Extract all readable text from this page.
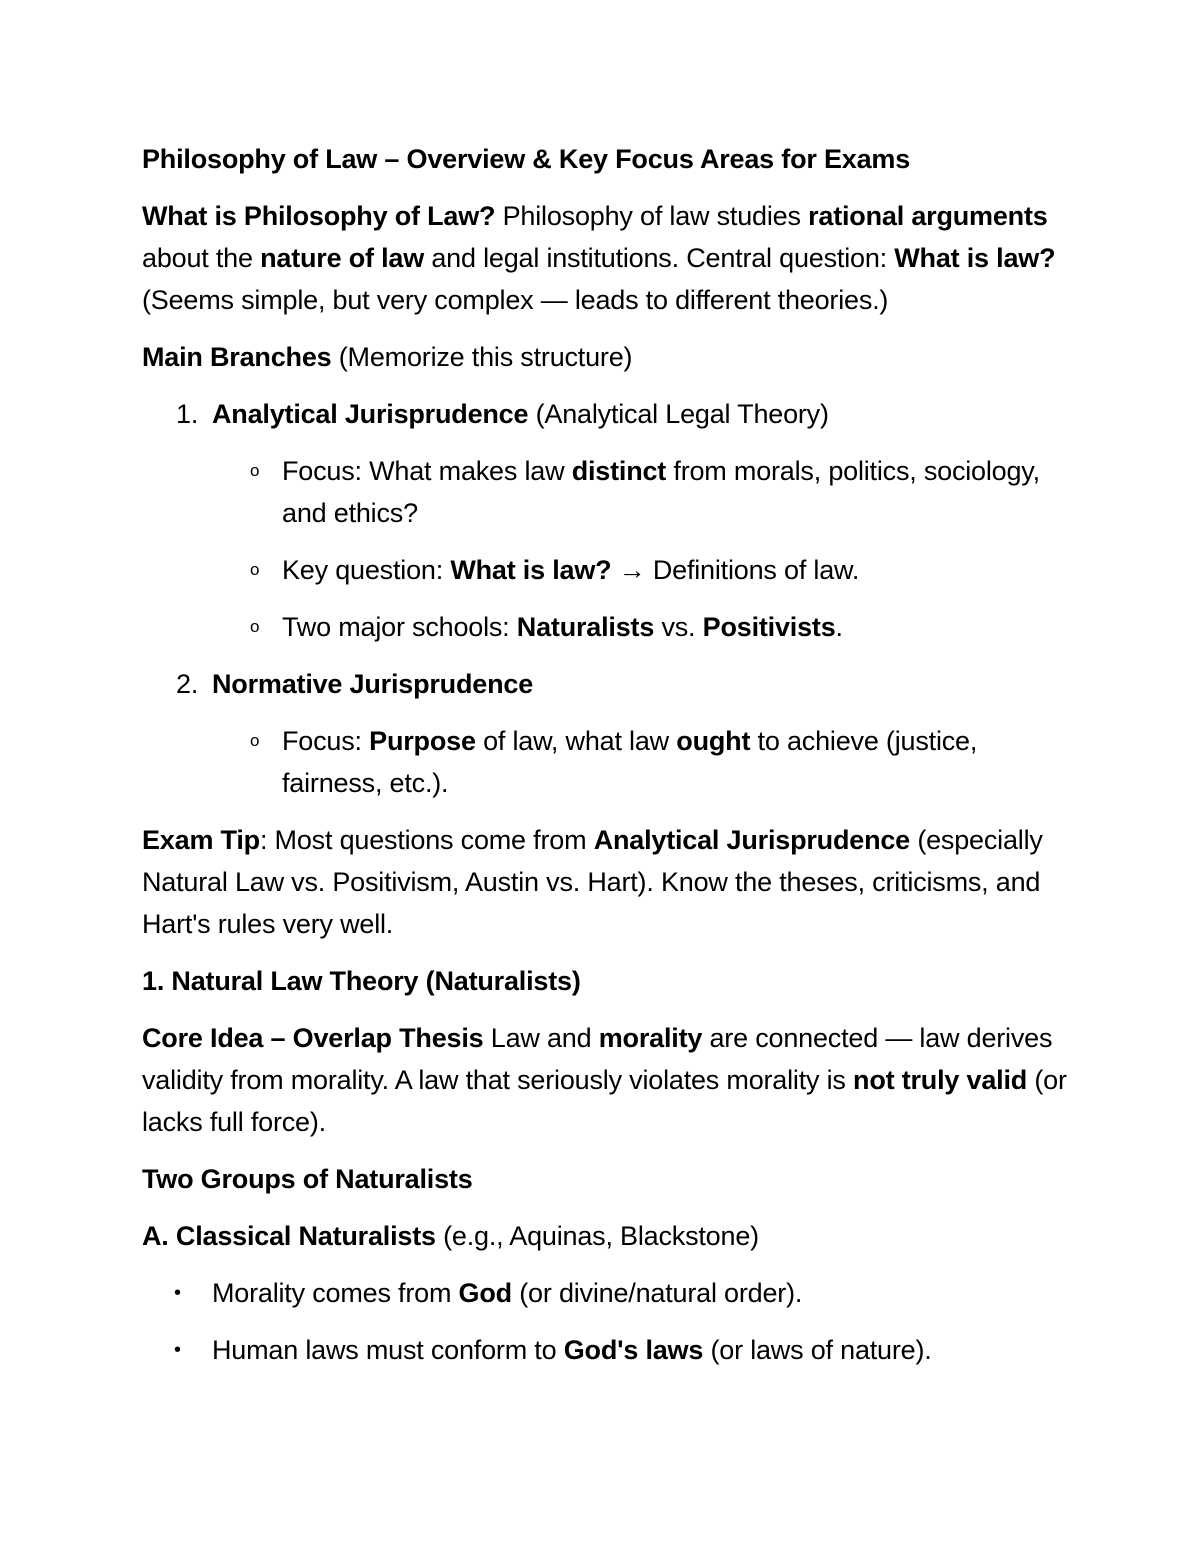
Philosophy of Law – Overview & Key Focus Areas for Exams

What is Philosophy of Law? Philosophy of law studies rational arguments about the nature of law and legal institutions. Central question: What is law? (Seems simple, but very complex — leads to different theories.)

Main Branches (Memorize this structure)

1. Analytical Jurisprudence (Analytical Legal Theory)
o Focus: What makes law distinct from morals, politics, sociology, and ethics?
o Key question: What is law? → Definitions of law.
o Two major schools: Naturalists vs. Positivists.
2. Normative Jurisprudence
o Focus: Purpose of law, what law ought to achieve (justice, fairness, etc.).

Exam Tip: Most questions come from Analytical Jurisprudence (especially Natural Law vs. Positivism, Austin vs. Hart). Know the theses, criticisms, and Hart's rules very well.

1. Natural Law Theory (Naturalists)

Core Idea – Overlap Thesis Law and morality are connected — law derives validity from morality. A law that seriously violates morality is not truly valid (or lacks full force).

Two Groups of Naturalists

A. Classical Naturalists (e.g., Aquinas, Blackstone)

• Morality comes from God (or divine/natural order).
• Human laws must conform to God's laws (or laws of nature).
